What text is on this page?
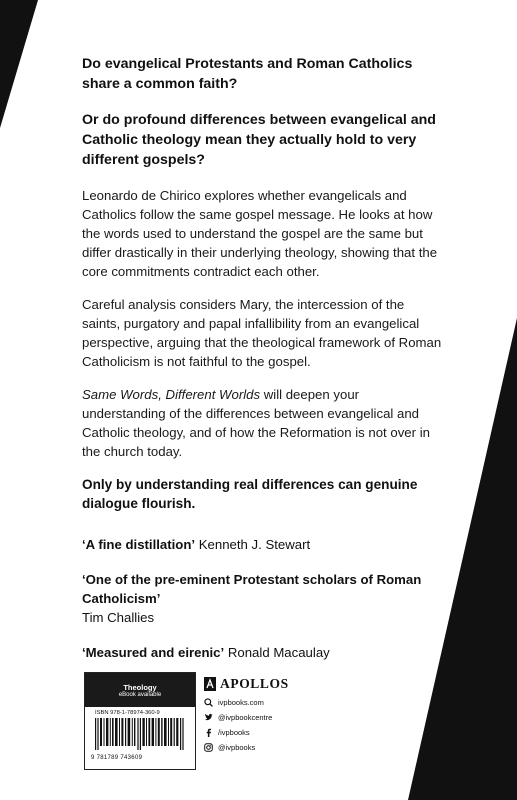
Do evangelical Protestants and Roman Catholics share a common faith?

Or do profound differences between evangelical and Catholic theology mean they actually hold to very different gospels?

Leonardo de Chirico explores whether evangelicals and Catholics follow the same gospel message. He looks at how the words used to understand the gospel are the same but differ drastically in their underlying theology, showing that the core commitments contradict each other.

Careful analysis considers Mary, the intercession of the saints, purgatory and papal infallibility from an evangelical perspective, arguing that the theological framework of Roman Catholicism is not faithful to the gospel.

Same Words, Different Worlds will deepen your understanding of the differences between evangelical and Catholic theology, and of how the Reformation is not over in the church today.

Only by understanding real differences can genuine dialogue flourish.

‘A fine distillation’ Kenneth J. Stewart

‘One of the pre-eminent Protestant scholars of Roman Catholicism’
Tim Challies

‘Measured and eirenic’ Ronald Macaulay

Theology
eBook available
ISBN 978-1-78974-360-9
9 781789 743609
APOLLOS
ivpbooks.com
@ivpbookcentre
/ivpbooks
@ivpbooks
